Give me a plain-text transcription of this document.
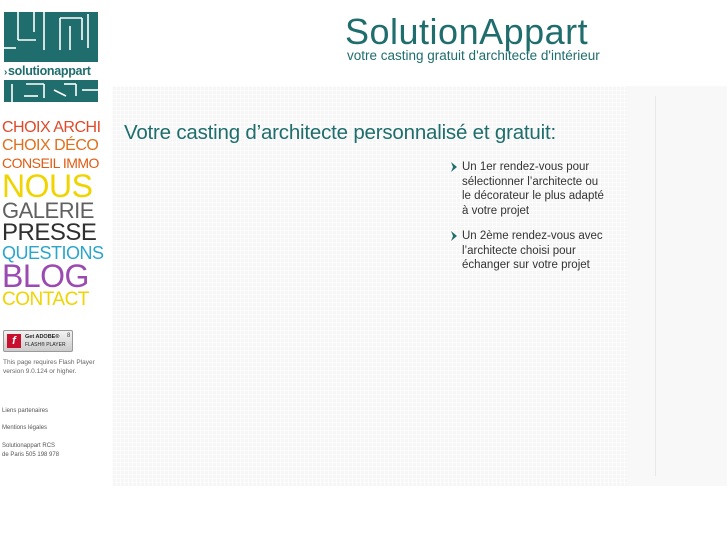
›solutionappart
SolutionAppart
votre casting gratuit d'architecte d'intérieur
CHOIX ARCHI
CHOIX DÉCO
CONSEIL IMMO
NOUS
GALERIE
PRESSE
QUESTIONS
BLOG
CONTACT
f	Get ADOBE®
FLASH® PLAYER
8
This page requires Flash Player version 9.0.124 or higher.
Liens partenaires
Mentions légales
Solutionappart RCS de Paris 505 198 978
Votre casting d’architecte personnalisé et gratuit:
Un 1er rendez-vous pour sélectionner l’architecte ou le décorateur le plus adapté à votre projet
Un 2ème rendez-vous avec l’architecte choisi pour échanger sur votre projet
